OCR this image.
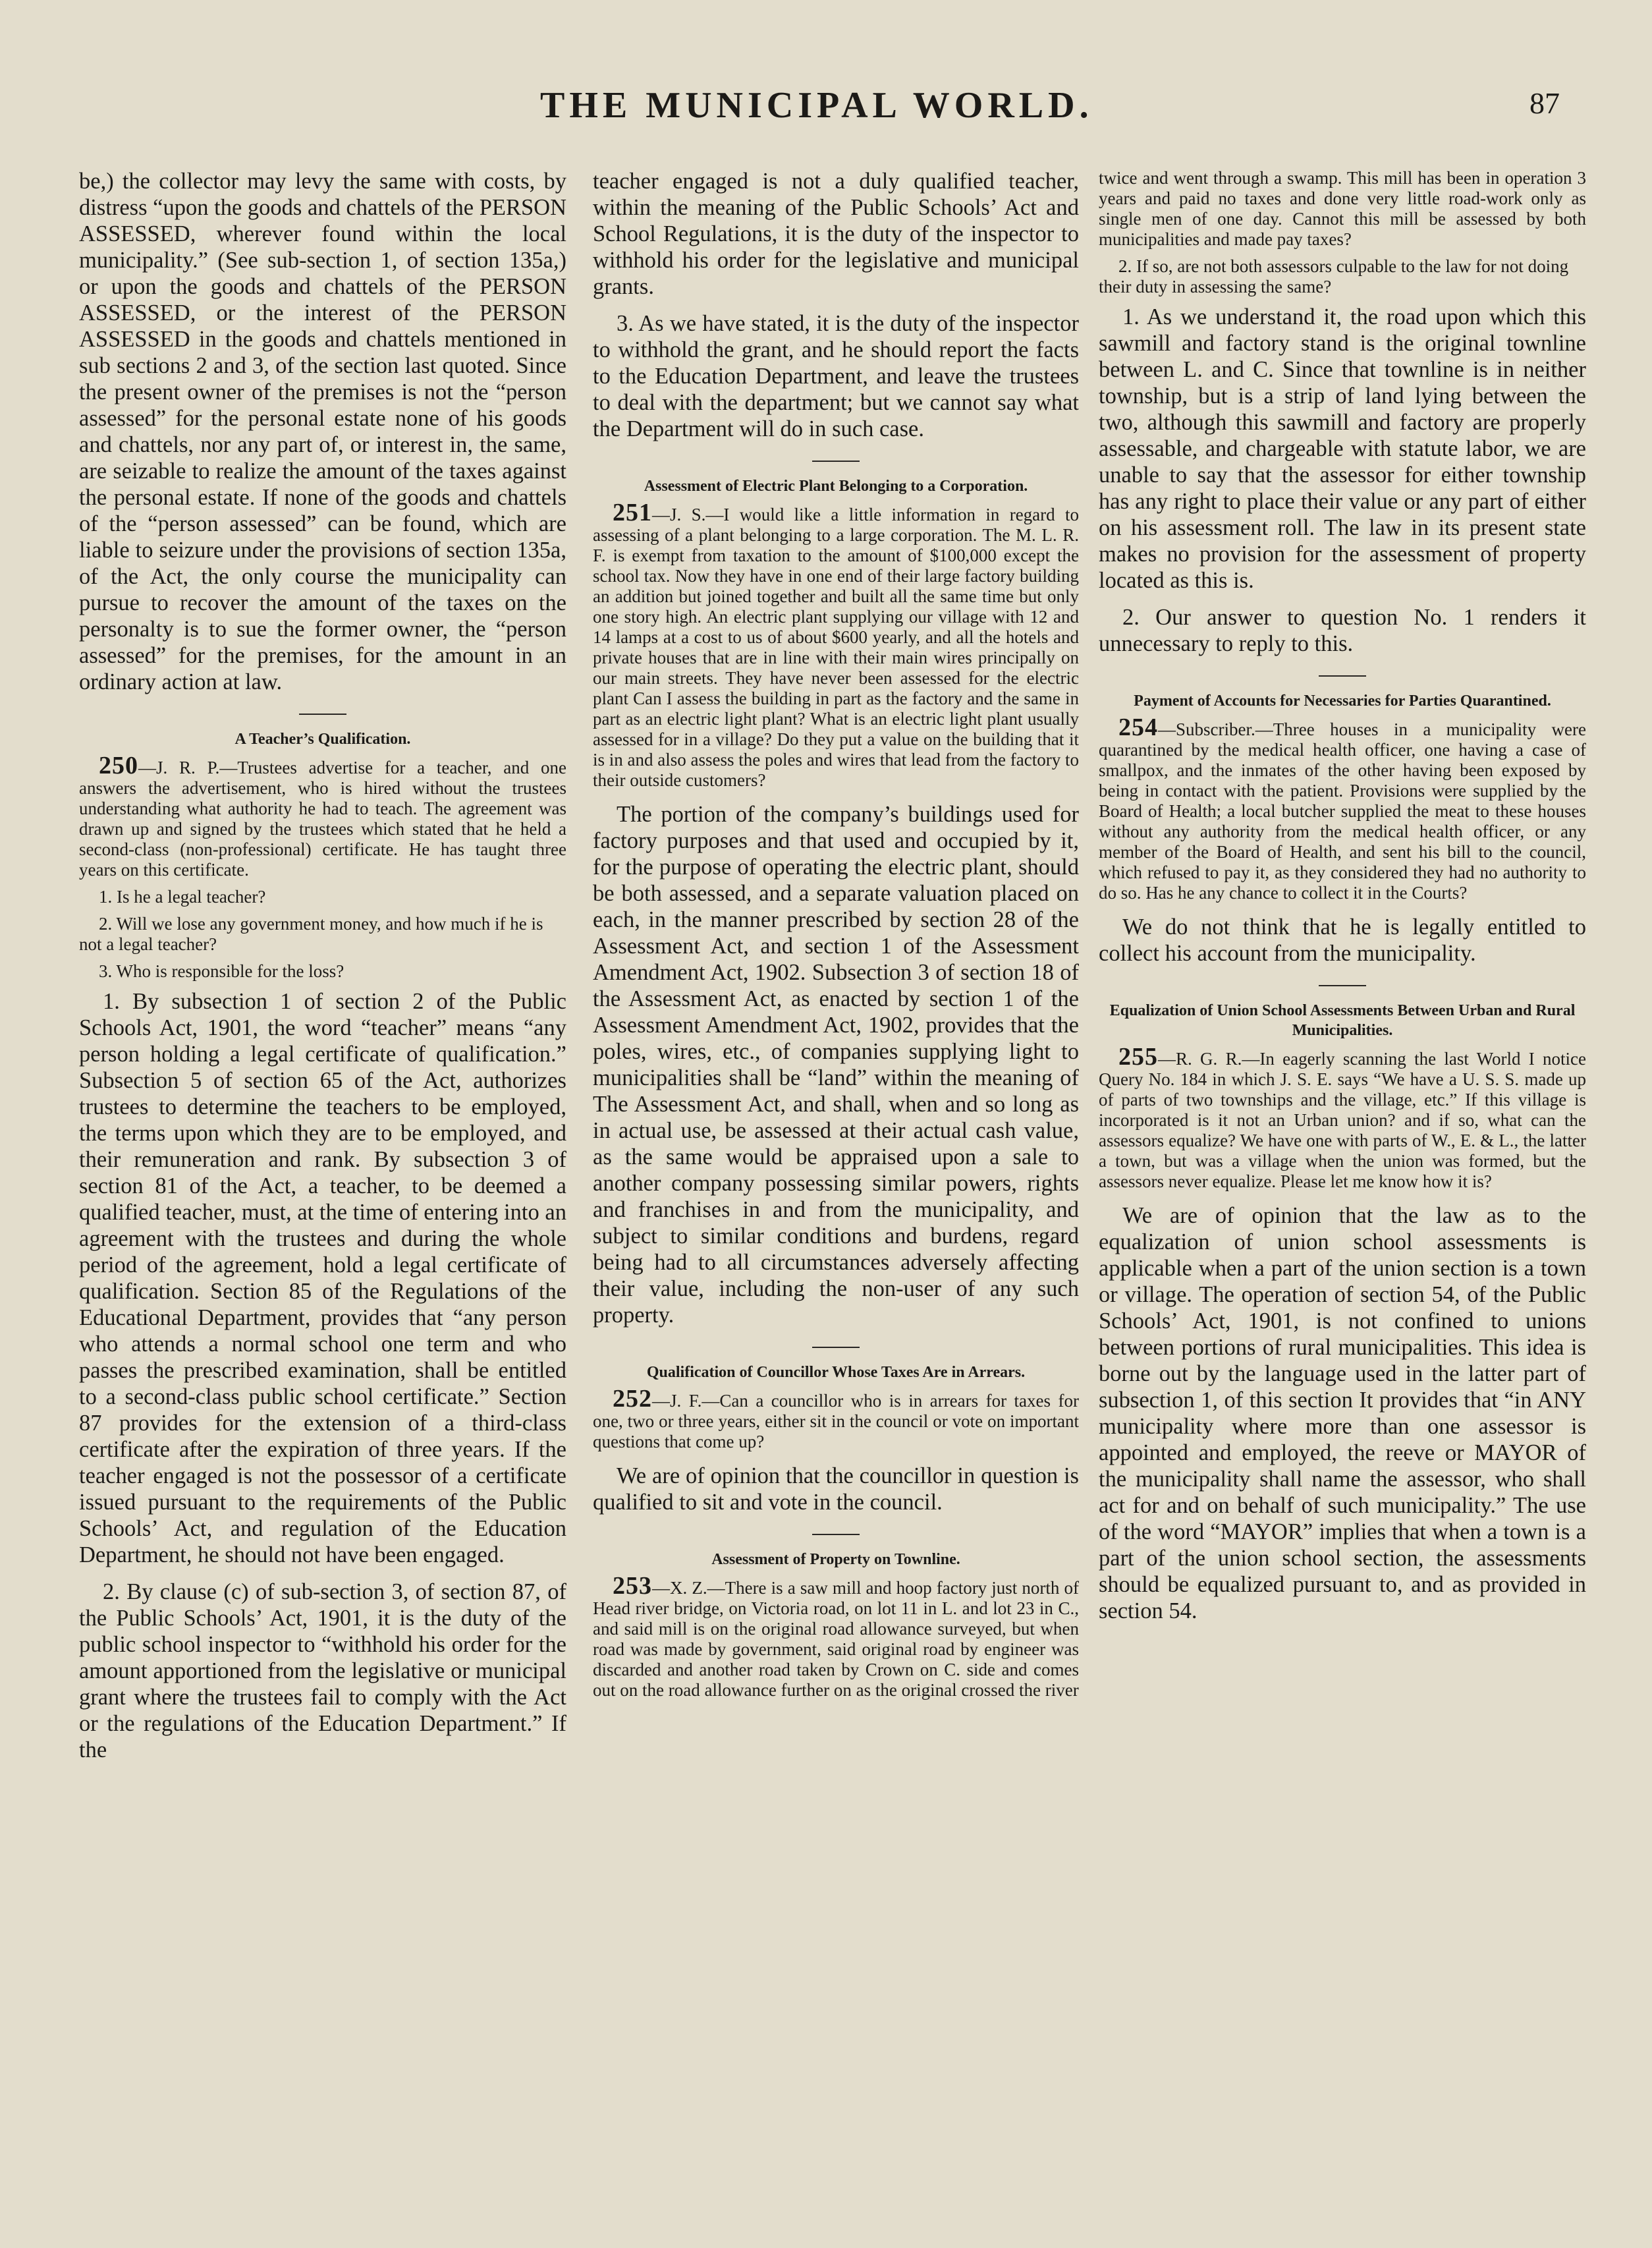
THE MUNICIPAL WORLD.	87

be,) the collector may levy the same with costs, by distress “upon the goods and chattels of the PERSON ASSESSED, wherever found within the local municipality.” (See sub-section 1, of section 135a,) or upon the goods and chattels of the PERSON ASSESSED, or the interest of the PERSON ASSESSED in the goods and chattels mentioned in sub sections 2 and 3, of the section last quoted. Since the present owner of the premises is not the “person assessed” for the personal estate none of his goods and chattels, nor any part of, or interest in, the same, are seizable to realize the amount of the taxes against the personal estate. If none of the goods and chattels of the “person assessed” can be found, which are liable to seizure under the provisions of section 135a, of the Act, the only course the municipality can pursue to recover the amount of the taxes on the personalty is to sue the former owner, the “person assessed” for the premises, for the amount in an ordinary action at law.

A Teacher’s Qualification.

250—J. R. P.—Trustees advertise for a teacher, and one answers the advertisement, who is hired without the trustees understanding what authority he had to teach. The agreement was drawn up and signed by the trustees which stated that he held a second-class (non-professional) certificate. He has taught three years on this certificate.

1. Is he a legal teacher?

2. Will we lose any government money, and how much if he is not a legal teacher?

3. Who is responsible for the loss?

1. By subsection 1 of section 2 of the Public Schools Act, 1901, the word “teacher” means “any person holding a legal certificate of qualification.” Subsection 5 of section 65 of the Act, authorizes trustees to determine the teachers to be employed, the terms upon which they are to be employed, and their remuneration and rank. By subsection 3 of section 81 of the Act, a teacher, to be deemed a qualified teacher, must, at the time of entering into an agreement with the trustees and during the whole period of the agreement, hold a legal certificate of qualification. Section 85 of the Regulations of the Educational Department, provides that “any person who attends a normal school one term and who passes the prescribed examination, shall be entitled to a second-class public school certificate.” Section 87 provides for the extension of a third-class certificate after the expiration of three years. If the teacher engaged is not the possessor of a certificate issued pursuant to the requirements of the Public Schools’ Act, and regulation of the Education Department, he should not have been engaged.

2. By clause (c) of sub-section 3, of section 87, of the Public Schools’ Act, 1901, it is the duty of the public school inspector to “withhold his order for the amount apportioned from the legislative or municipal grant where the trustees fail to comply with the Act or the regulations of the Education Department.” If the

teacher engaged is not a duly qualified teacher, within the meaning of the Public Schools’ Act and School Regulations, it is the duty of the inspector to withhold his order for the legislative and municipal grants.

3. As we have stated, it is the duty of the inspector to withhold the grant, and he should report the facts to the Education Department, and leave the trustees to deal with the department; but we cannot say what the Department will do in such case.

Assessment of Electric Plant Belonging to a Corporation.

251—J. S.—I would like a little information in regard to assessing of a plant belonging to a large corporation. The M. L. R. F. is exempt from taxation to the amount of $100,000 except the school tax. Now they have in one end of their large factory building an addition but joined together and built all the same time but only one story high. An electric plant supplying our village with 12 and 14 lamps at a cost to us of about $600 yearly, and all the hotels and private houses that are in line with their main wires principally on our main streets. They have never been assessed for the electric plant Can I assess the building in part as the factory and the same in part as an electric light plant? What is an electric light plant usually assessed for in a village? Do they put a value on the building that it is in and also assess the poles and wires that lead from the factory to their outside customers?

The portion of the company’s buildings used for factory purposes and that used and occupied by it, for the purpose of operating the electric plant, should be both assessed, and a separate valuation placed on each, in the manner prescribed by section 28 of the Assessment Act, and section 1 of the Assessment Amendment Act, 1902. Subsection 3 of section 18 of the Assessment Act, as enacted by section 1 of the Assessment Amendment Act, 1902, provides that the poles, wires, etc., of companies supplying light to municipalities shall be “land” within the meaning of The Assessment Act, and shall, when and so long as in actual use, be assessed at their actual cash value, as the same would be appraised upon a sale to another company possessing similar powers, rights and franchises in and from the municipality, and subject to similar conditions and burdens, regard being had to all circumstances adversely affecting their value, including the non-user of any such property.

Qualification of Councillor Whose Taxes Are in Arrears.

252—J. F.—Can a councillor who is in arrears for taxes for one, two or three years, either sit in the council or vote on important questions that come up?

We are of opinion that the councillor in question is qualified to sit and vote in the council.

Assessment of Property on Townline.

253—X. Z.—There is a saw mill and hoop factory just north of Head river bridge, on Victoria road, on lot 11 in L. and lot 23 in C., and said mill is on the original road allowance surveyed, but when road was made by government, said original road by engineer was discarded and another road taken by Crown on C. side and comes out on the road allowance further on as the original crossed the river

twice and went through a swamp. This mill has been in operation 3 years and paid no taxes and done very little road-work only as single men of one day. Cannot this mill be assessed by both municipalities and made pay taxes?

2. If so, are not both assessors culpable to the law for not doing their duty in assessing the same?

1. As we understand it, the road upon which this sawmill and factory stand is the original townline between L. and C. Since that townline is in neither township, but is a strip of land lying between the two, although this sawmill and factory are properly assessable, and chargeable with statute labor, we are unable to say that the assessor for either township has any right to place their value or any part of either on his assessment roll. The law in its present state makes no provision for the assessment of property located as this is.

2. Our answer to question No. 1 renders it unnecessary to reply to this.

Payment of Accounts for Necessaries for Parties Quarantined.

254—Subscriber.—Three houses in a municipality were quarantined by the medical health officer, one having a case of smallpox, and the inmates of the other having been exposed by being in contact with the patient. Provisions were supplied by the Board of Health; a local butcher supplied the meat to these houses without any authority from the medical health officer, or any member of the Board of Health, and sent his bill to the council, which refused to pay it, as they considered they had no authority to do so. Has he any chance to collect it in the Courts?

We do not think that he is legally entitled to collect his account from the municipality.

Equalization of Union School Assessments Between Urban and Rural Municipalities.

255—R. G. R.—In eagerly scanning the last World I notice Query No. 184 in which J. S. E. says “We have a U. S. S. made up of parts of two townships and the village, etc.” If this village is incorporated is it not an Urban union? and if so, what can the assessors equalize? We have one with parts of W., E. & L., the latter a town, but was a village when the union was formed, but the assessors never equalize. Please let me know how it is?

We are of opinion that the law as to the equalization of union school assessments is applicable when a part of the union section is a town or village. The operation of section 54, of the Public Schools’ Act, 1901, is not confined to unions between portions of rural municipalities. This idea is borne out by the language used in the latter part of subsection 1, of this section It provides that “in ANY municipality where more than one assessor is appointed and employed, the reeve or MAYOR of the municipality shall name the assessor, who shall act for and on behalf of such municipality.” The use of the word “MAYOR” implies that when a town is a part of the union school section, the assessments should be equalized pursuant to, and as provided in section 54.
